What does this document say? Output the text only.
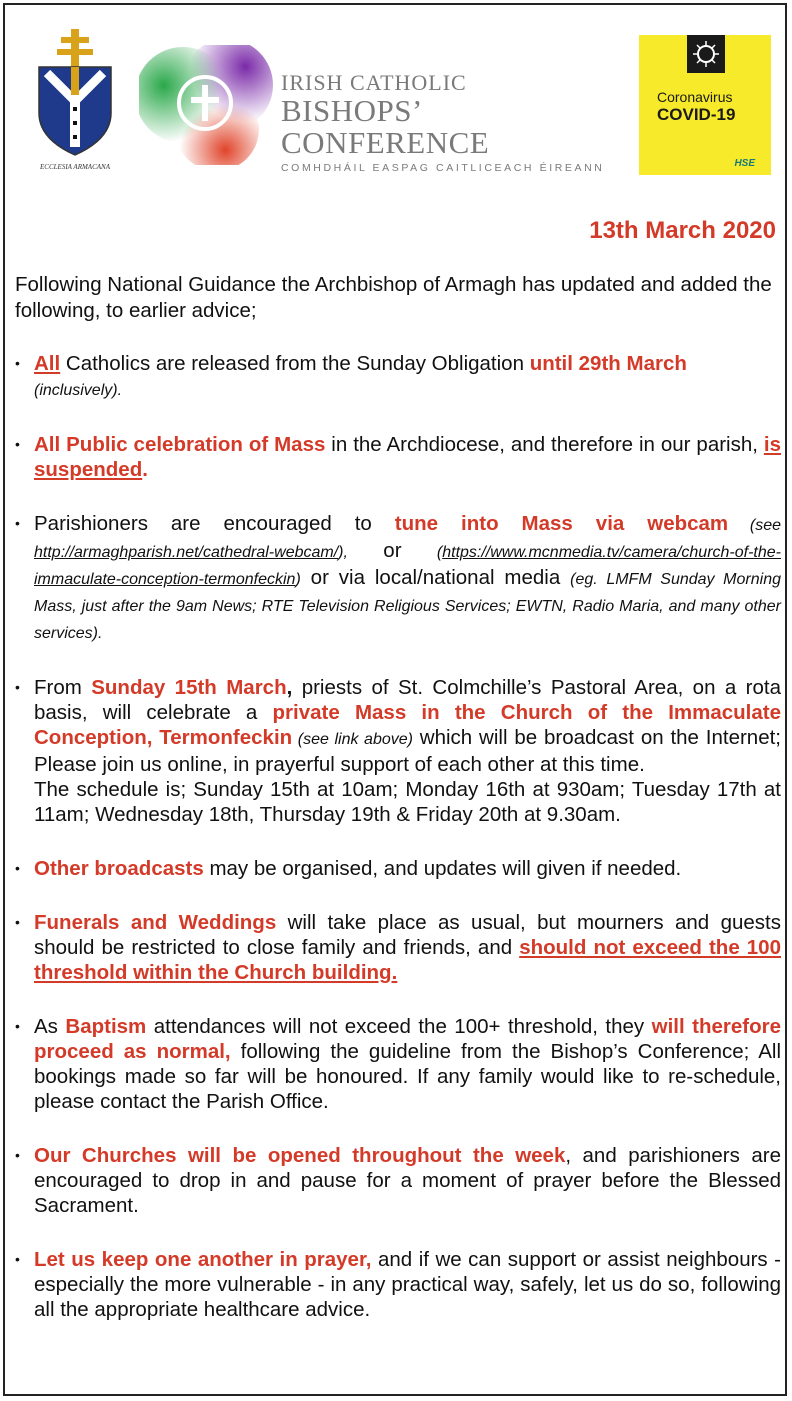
ECCLESIA ARMACANA
IRISH CATHOLIC
BISHOPS’ CONFERENCE
COMHDHÁIL EASPAG CAITLICEACH ÉIREANN
Coronavirus
COVID-19
HSE
13th March 2020
Following National Guidance the Archbishop of Armagh has updated and added the following, to earlier advice;
• All Catholics are released from the Sunday Obligation until 29th March
(inclusively).
• All Public celebration of Mass in the Archdiocese, and therefore in our parish, is suspended.
• Parishioners are encouraged to tune into Mass via webcam (see http://armaghparish.net/cathedral-webcam/), or (https://www.mcnmedia.tv/camera/church-of-the-immaculate-conception-termonfeckin) or via local/national media (eg. LMFM Sunday Morning Mass, just after the 9am News; RTE Television Religious Services; EWTN, Radio Maria, and many other services).
• From Sunday 15th March, priests of St. Colmchille’s Pastoral Area, on a rota basis, will celebrate a private Mass in the Church of the Immaculate Conception, Termonfeckin (see link above) which will be broadcast on the Internet; Please join us online, in prayerful support of each other at this time.
The schedule is; Sunday 15th at 10am; Monday 16th at 930am; Tuesday 17th at 11am; Wednesday 18th, Thursday 19th & Friday 20th at 9.30am.
• Other broadcasts may be organised, and updates will given if needed.
• Funerals and Weddings will take place as usual, but mourners and guests should be restricted to close family and friends, and should not exceed the 100 threshold within the Church building.
• As Baptism attendances will not exceed the 100+ threshold, they will therefore proceed as normal, following the guideline from the Bishop’s Conference; All bookings made so far will be honoured. If any family would like to re-schedule, please contact the Parish Office.
• Our Churches will be opened throughout the week, and parishioners are encouraged to drop in and pause for a moment of prayer before the Blessed Sacrament.
• Let us keep one another in prayer, and if we can support or assist neighbours - especially the more vulnerable - in any practical way, safely, let us do so, following all the appropriate healthcare advice.
